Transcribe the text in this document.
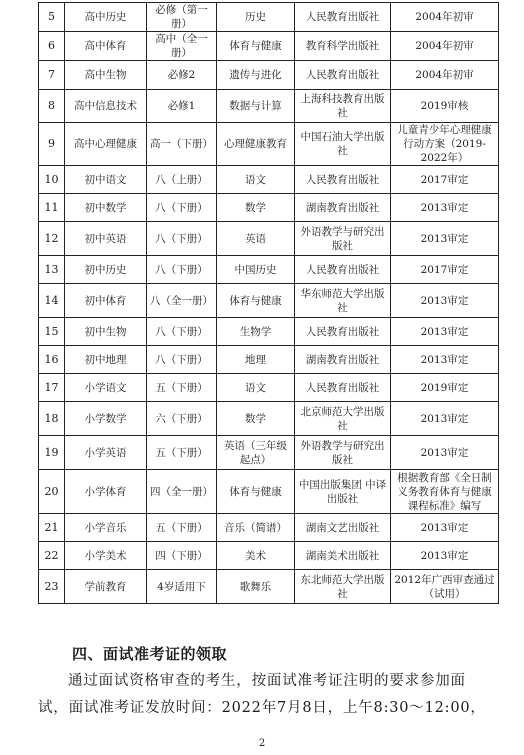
5	高中历史	必修（第一册）	历史	人民教育出版社	2004年初审
6	高中体育	高中（全一册）	体育与健康	教育科学出版社	2004年初审
7	高中生物	必修2	遗传与进化	人民教育出版社	2004年初审
8	高中信息技术	必修1	数据与计算	上海科技教育出版社	2019审核
9	高中心理健康	高一（下册）	心理健康教育	中国石油大学出版社	儿童青少年心理健康行动方案（2019-2022年）
10	初中语文	八（上册）	语文	人民教育出版社	2017审定
11	初中数学	八（下册）	数学	湖南教育出版社	2013审定
12	初中英语	八（下册）	英语	外语教学与研究出版社	2013审定
13	初中历史	八（下册）	中国历史	人民教育出版社	2017审定
14	初中体育	八（全一册）	体育与健康	华东师范大学出版社	2013审定
15	初中生物	八（下册）	生物学	人民教育出版社	2013审定
16	初中地理	八（下册）	地理	湖南教育出版社	2013审定
17	小学语文	五（下册）	语文	人民教育出版社	2019审定
18	小学数学	六（下册）	数学	北京师范大学出版社	2013审定
19	小学英语	五（下册）	英语（三年级起点）	外语教学与研究出版社	2013审定
20	小学体育	四（全一册）	体育与健康	中国出版集团 中译出版社	根据教育部《全日制义务教育体育与健康课程标准》编写
21	小学音乐	五（下册）	音乐（简谱）	湖南文艺出版社	2013审定
22	小学美术	四（下册）	美术	湖南美术出版社	2013审定
23	学前教育	4岁适用下	歌舞乐	东北师范大学出版社	2012年广西审查通过（试用）
四、面试准考证的领取

通过面试资格审查的考生，按面试准考证注明的要求参加面试，面试准考证发放时间：2022年7月8日，上午8:30～12:00，

2
